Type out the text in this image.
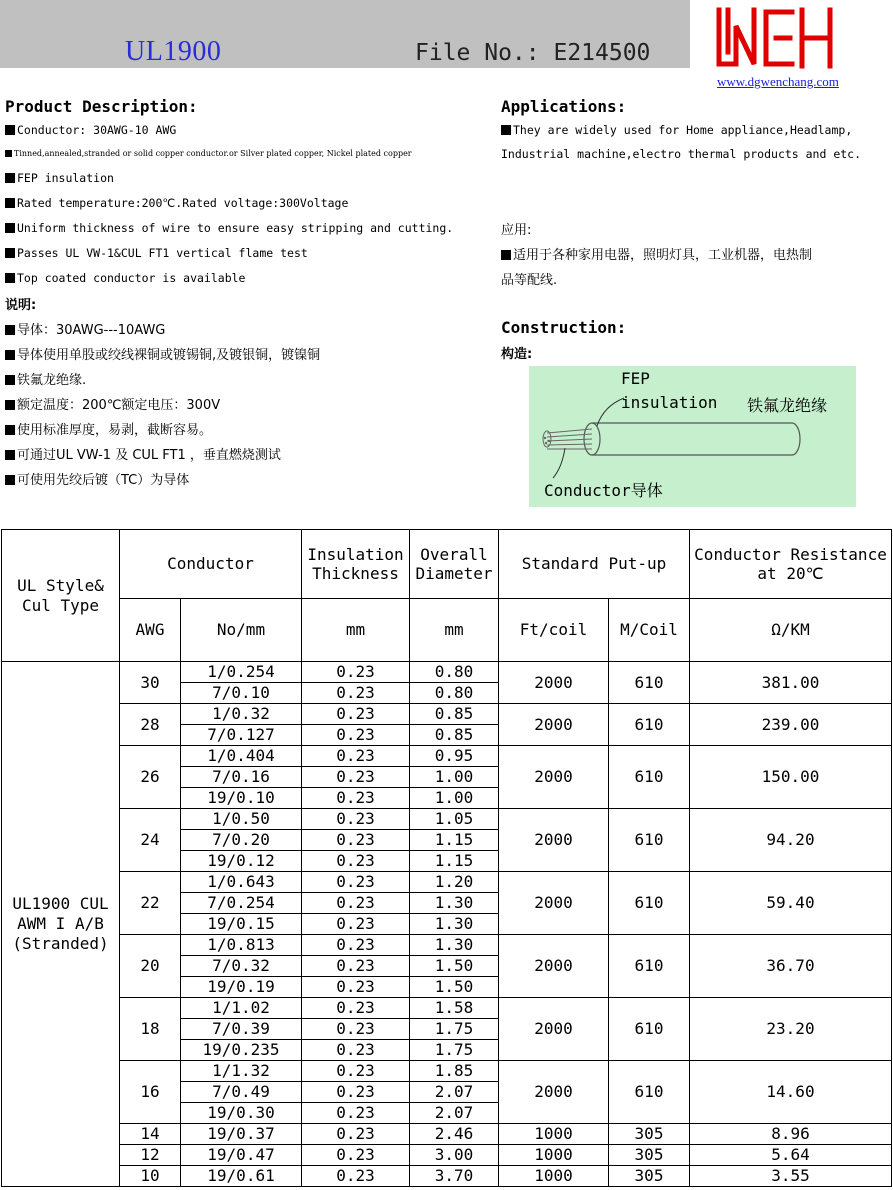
UL1900	File No.: E214500
www.dgwenchang.com
Product Description:
Conductor: 30AWG-10 AWG
Tinned,annealed,stranded or solid copper conductor.or Silver plated copper, Nickel plated copper
FEP insulation
Rated temperature:200℃.Rated voltage:300Voltage
Uniform thickness of wire to ensure easy stripping and cutting.
Passes UL VW-1&CUL FT1 vertical flame test
Top coated conductor is available
说明:
导体：30AWG---10AWG
导体使用单股或绞线裸铜或镀锡铜,及镀银铜，镀镍铜
铁氟龙绝缘.
额定温度：200℃额定电压：300V
使用标准厚度，易剥，截断容易。
可通过UL VW-1 及 CUL FT1 ，垂直燃烧测试
可使用先绞后镀（TC）为导体
Applications:
They are widely used for Home appliance,Headlamp,
Industrial machine,electro thermal products and etc.
应用:
适用于各种家用电器，照明灯具，工业机器，电热制
品等配线.
Construction:
构造:
FEP
insulation 铁氟龙绝缘
Conductor导体
UL Style& Cul Type	Conductor		Insulation Thickness	Overall Diameter	Standard Put-up		Conductor Resistance at 20℃
	AWG	No/mm	mm	mm	Ft/coil	M/Coil	Ω/KM
UL1900 CUL AWM I A/B (Stranded)	30	1/0.254	0.23	0.80	2000	610	381.00
		7/0.10	0.23	0.80			
	28	1/0.32	0.23	0.85	2000	610	239.00
		7/0.127	0.23	0.85			
	26	1/0.404	0.23	0.95	2000	610	150.00
		7/0.16	0.23	1.00			
		19/0.10	0.23	1.00			
	24	1/0.50	0.23	1.05	2000	610	94.20
		7/0.20	0.23	1.15			
		19/0.12	0.23	1.15			
	22	1/0.643	0.23	1.20	2000	610	59.40
		7/0.254	0.23	1.30			
		19/0.15	0.23	1.30			
	20	1/0.813	0.23	1.30	2000	610	36.70
		7/0.32	0.23	1.50			
		19/0.19	0.23	1.50			
	18	1/1.02	0.23	1.58	2000	610	23.20
		7/0.39	0.23	1.75			
		19/0.235	0.23	1.75			
	16	1/1.32	0.23	1.85	2000	610	14.60
		7/0.49	0.23	2.07			
		19/0.30	0.23	2.07			
	14	19/0.37	0.23	2.46	1000	305	8.96
	12	19/0.47	0.23	3.00	1000	305	5.64
	10	19/0.61	0.23	3.70	1000	305	3.55
